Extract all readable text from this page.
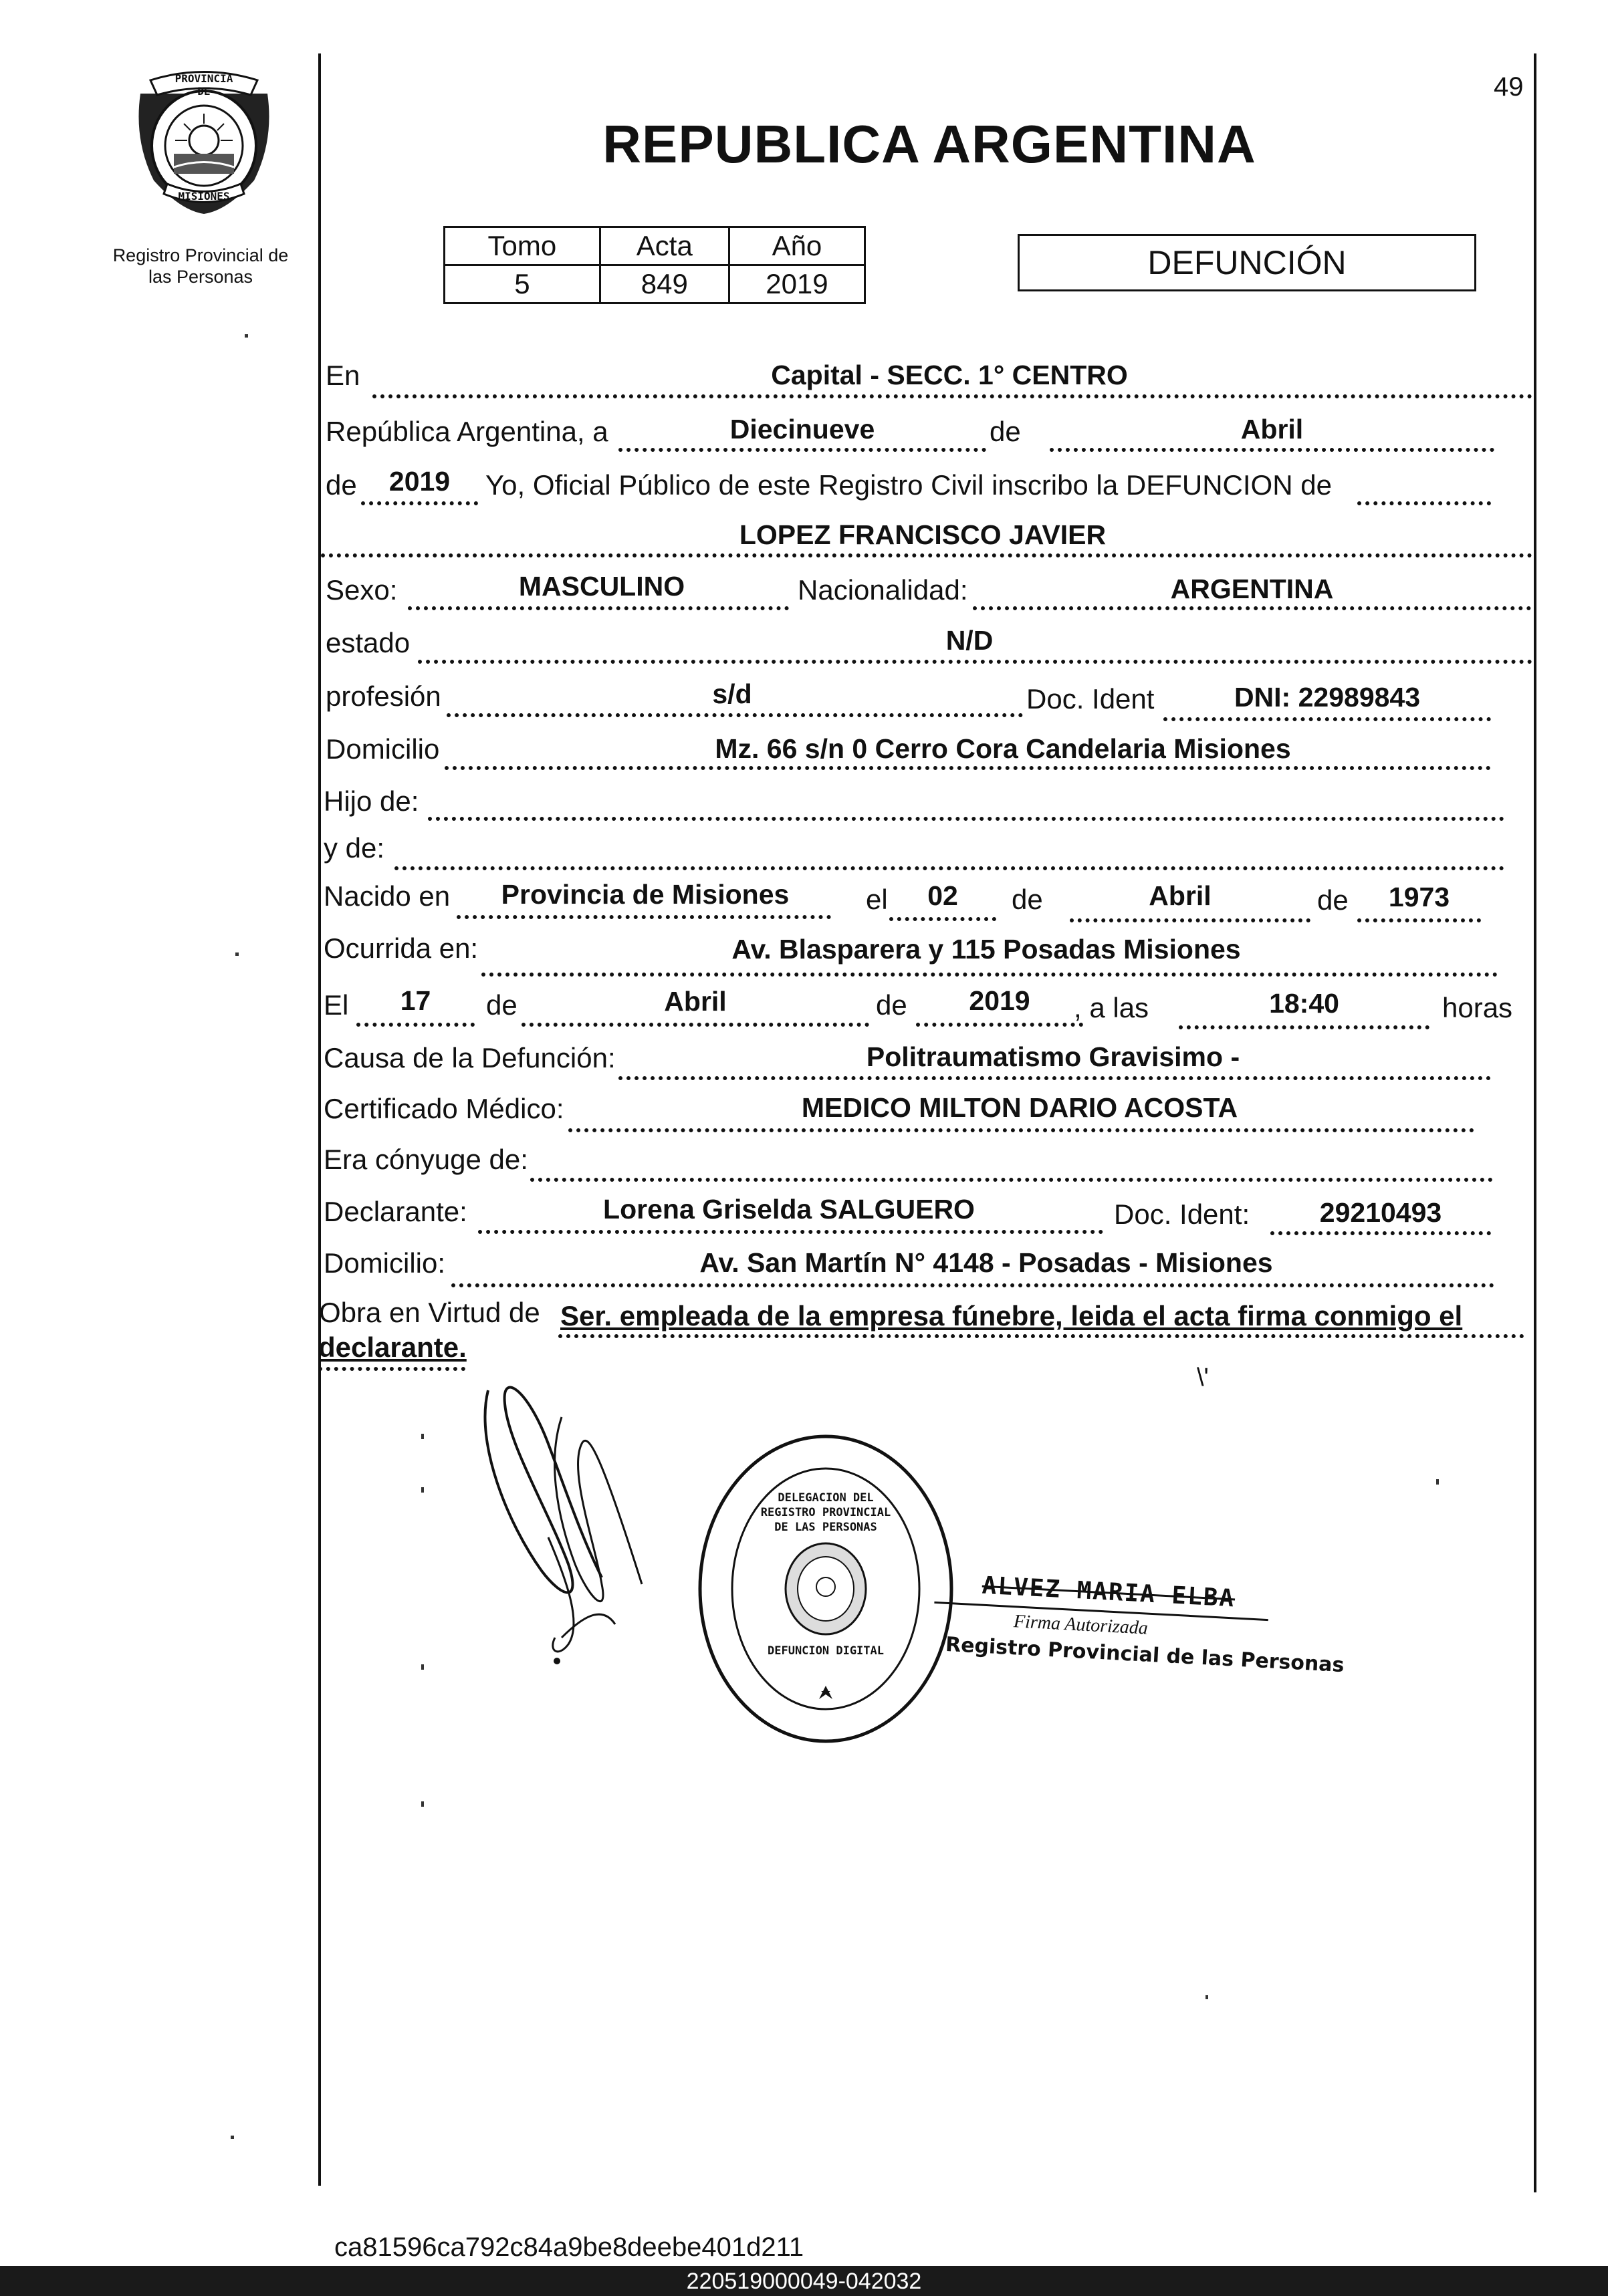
49
PROVINCIA DE
MISIONES
Registro Provincial de
las Personas
REPUBLICA ARGENTINA
Tomo	Acta	Año
5	849	2019
DEFUNCIÓN
En	Capital - SECC. 1° CENTRO
República Argentina, a	Diecinueve	de	Abril
de	2019	Yo, Oficial Público de este Registro Civil inscribo la DEFUNCION de
LOPEZ FRANCISCO JAVIER
Sexo:	MASCULINO	Nacionalidad:	ARGENTINA
estado	N/D
profesión	s/d	Doc. Ident	DNI: 22989843
Domicilio	Mz. 66 s/n 0 Cerro Cora Candelaria Misiones
Hijo de:
y de:
Nacido en	Provincia de Misiones	el	02	de	Abril	de	1973
Ocurrida en:	Av. Blasparera y 115 Posadas Misiones
El	17	de	Abril	de	2019	, a las	18:40	horas
Causa de la Defunción:	Politraumatismo Gravisimo -
Certificado Médico:	MEDICO MILTON DARIO ACOSTA
Era cónyuge de:
Declarante:	Lorena Griselda SALGUERO	Doc. Ident:	29210493
Domicilio:	Av. San Martín N° 4148 - Posadas - Misiones
Obra en Virtud de Ser. empleada de la empresa fúnebre, leida el acta firma conmigo el
declarante.
\'
DELEGACION DEL REGISTRO PROVINCIAL DE LAS PERSONAS
DEFUNCION DIGITAL
ALVEZ MARIA ELBA
Firma Autorizada
Registro Provincial de las Personas
ca81596ca792c84a9be8deebe401d211
220519000049-042032
